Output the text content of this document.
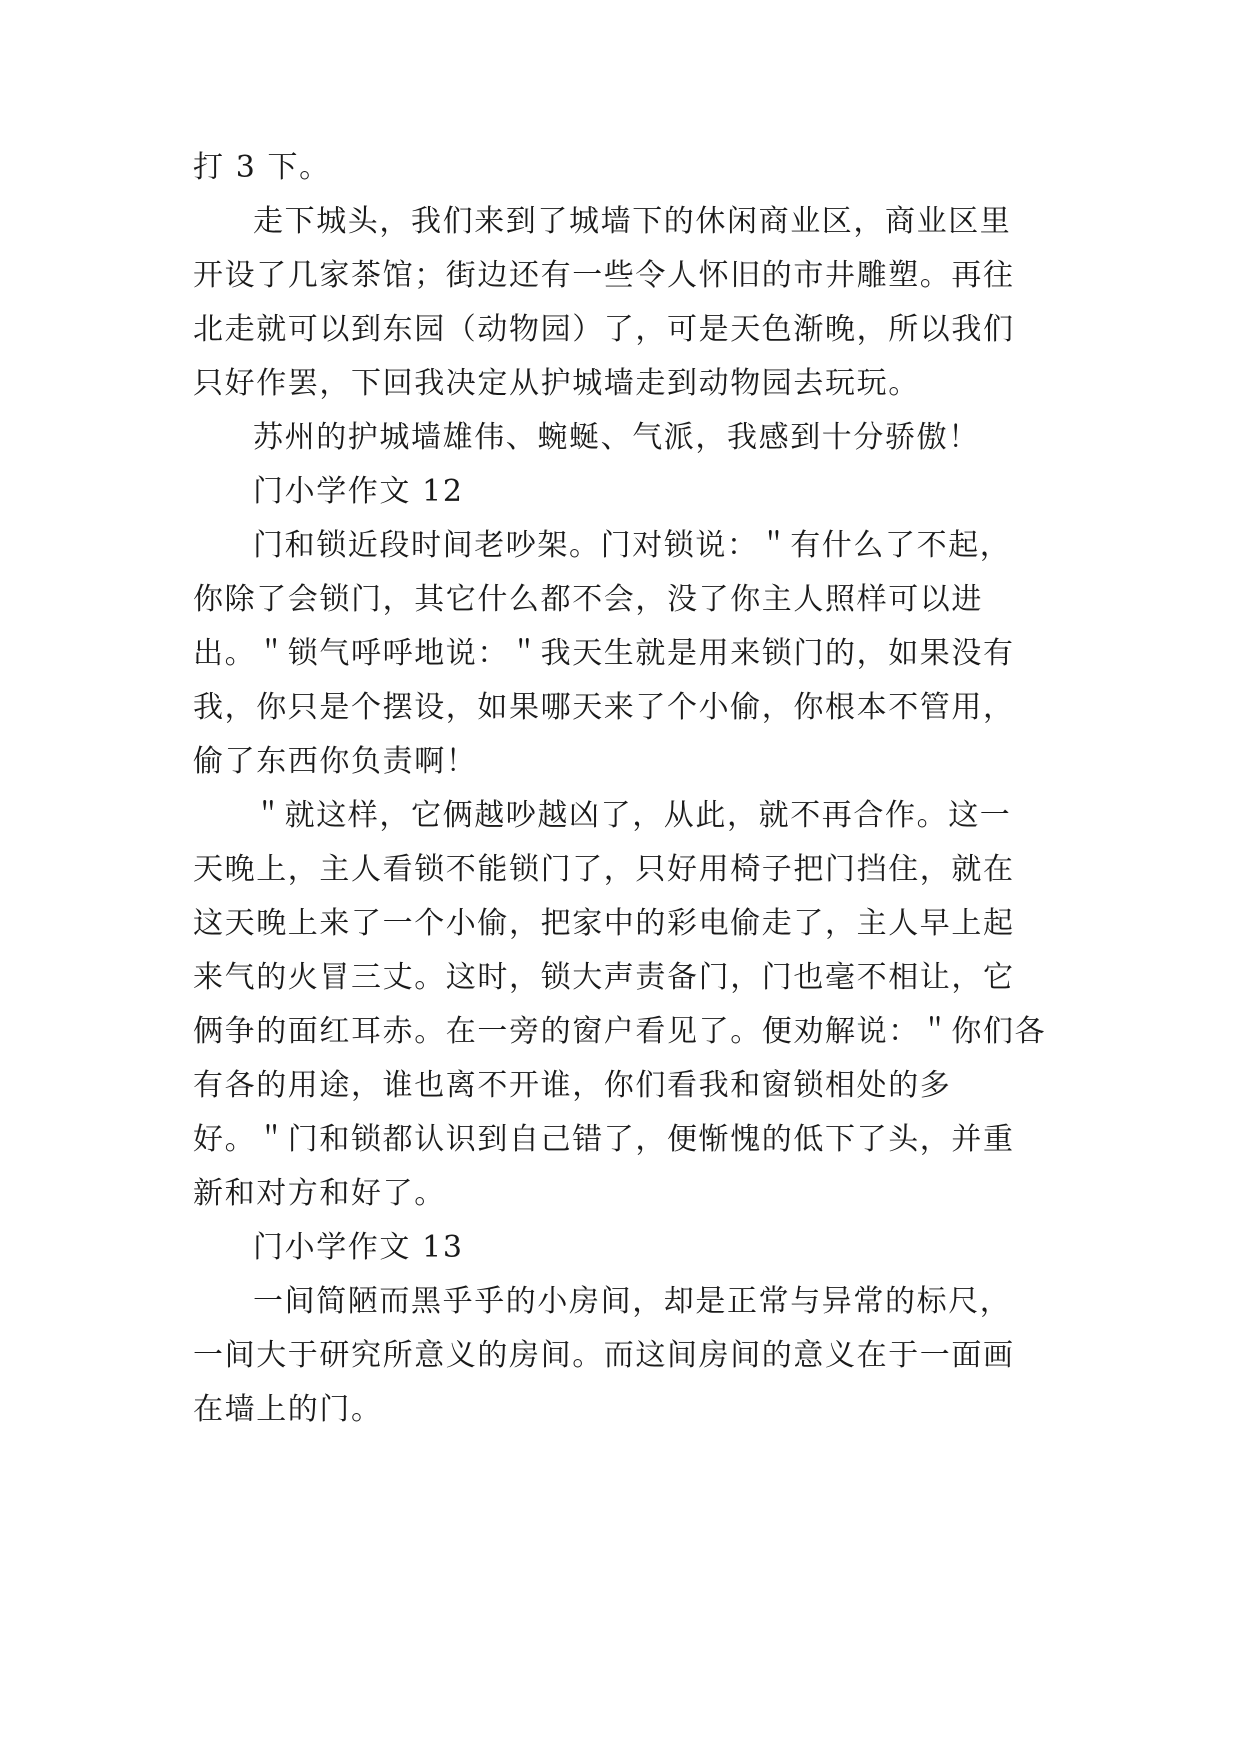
打 3 下。
走下城头，我们来到了城墙下的休闲商业区，商业区里
开设了几家茶馆；街边还有一些令人怀旧的市井雕塑。再往
北走就可以到东园（动物园）了，可是天色渐晚，所以我们
只好作罢，下回我决定从护城墙走到动物园去玩玩。
苏州的护城墙雄伟、蜿蜒、气派，我感到十分骄傲！
门小学作文 12
门和锁近段时间老吵架。门对锁说：＂有什么了不起，
你除了会锁门，其它什么都不会，没了你主人照样可以进
出。＂锁气呼呼地说：＂我天生就是用来锁门的，如果没有
我，你只是个摆设，如果哪天来了个小偷，你根本不管用，
偷了东西你负责啊！
＂就这样，它俩越吵越凶了，从此，就不再合作。这一
天晚上，主人看锁不能锁门了，只好用椅子把门挡住，就在
这天晚上来了一个小偷，把家中的彩电偷走了，主人早上起
来气的火冒三丈。这时，锁大声责备门，门也毫不相让，它
俩争的面红耳赤。在一旁的窗户看见了。便劝解说：＂你们各
有各的用途，谁也离不开谁，你们看我和窗锁相处的多
好。＂门和锁都认识到自己错了，便惭愧的低下了头，并重
新和对方和好了。
门小学作文 13
一间简陋而黑乎乎的小房间，却是正常与异常的标尺，
一间大于研究所意义的房间。而这间房间的意义在于一面画
在墙上的门。
